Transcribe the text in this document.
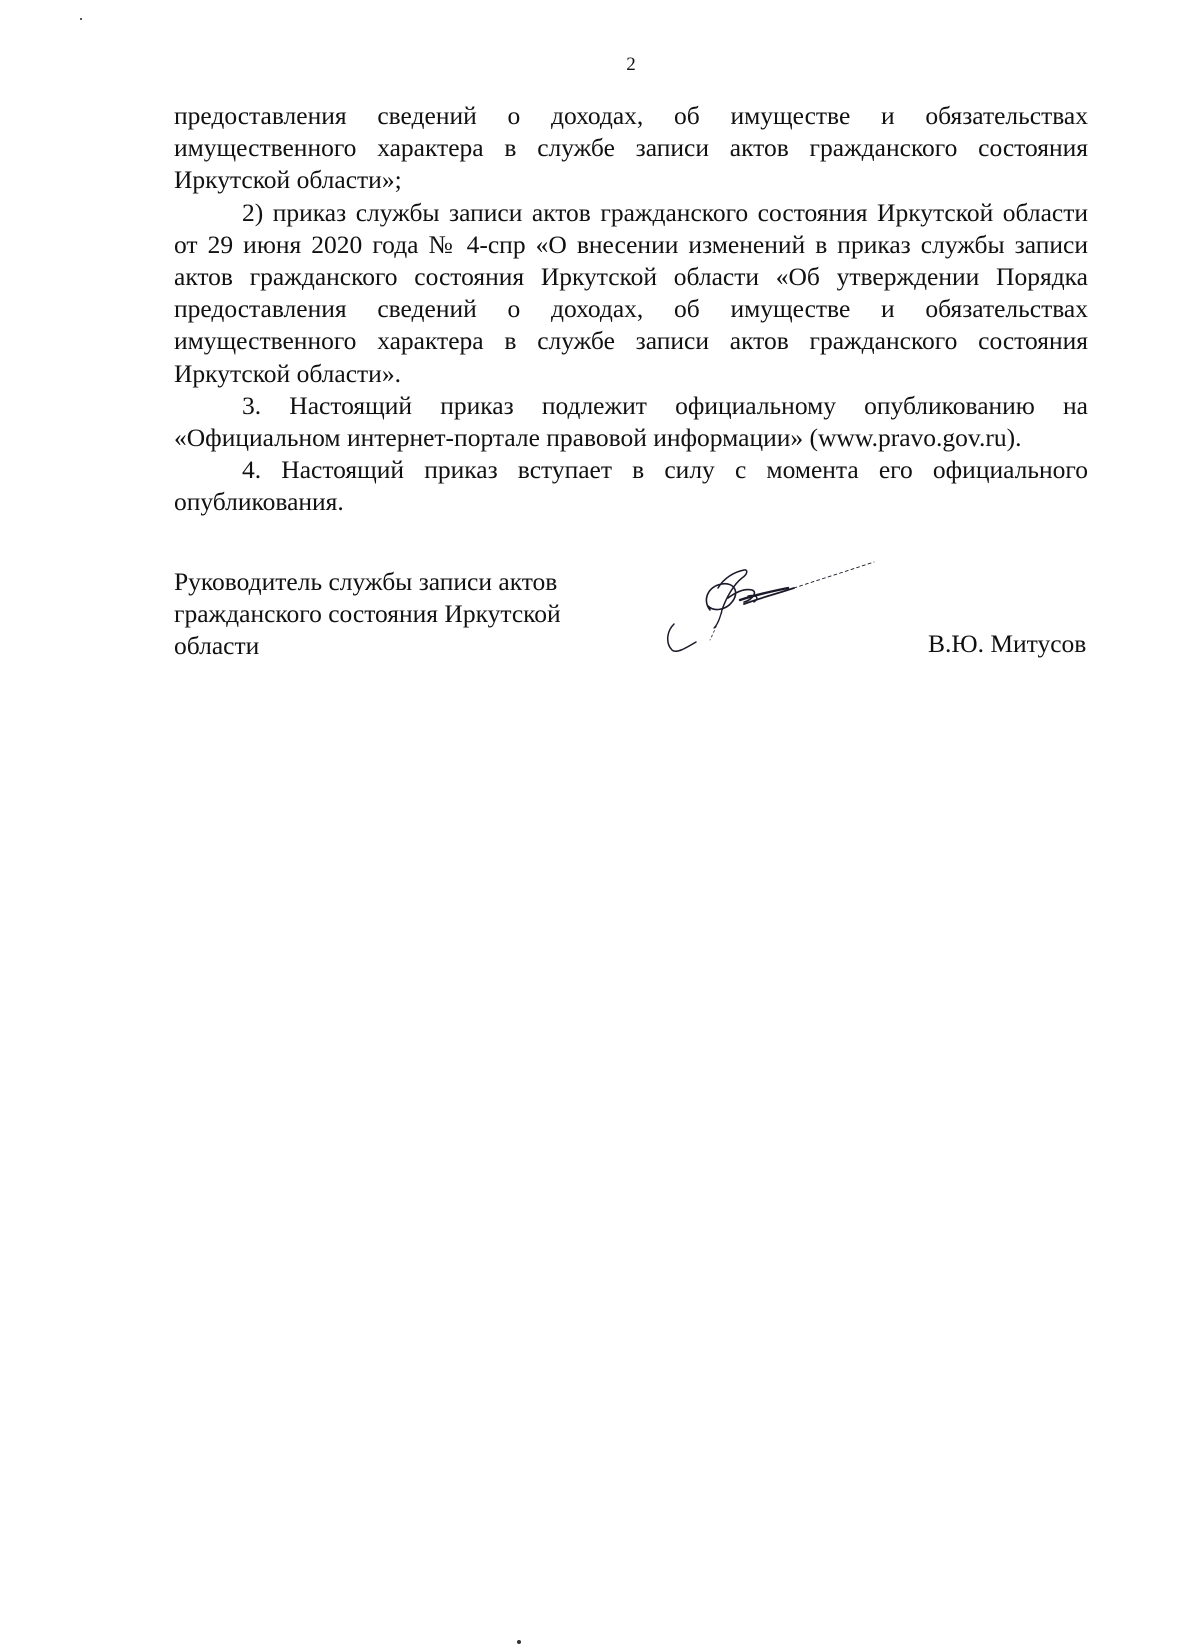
2

предоставления сведений о доходах, об имуществе и обязательствах имущественного характера в службе записи актов гражданского состояния Иркутской области»;

2) приказ службы записи актов гражданского состояния Иркутской области от 29 июня 2020 года № 4-спр «О внесении изменений в приказ службы записи актов гражданского состояния Иркутской области «Об утверждении Порядка предоставления сведений о доходах, об имуществе и обязательствах имущественного характера в службе записи актов гражданского состояния Иркутской области».

3. Настоящий приказ подлежит официальному опубликованию на «Официальном интернет-портале правовой информации» (www.pravo.gov.ru).

4. Настоящий приказ вступает в силу с момента его официального опубликования.

Руководитель службы записи актов
гражданского состояния Иркутской
области	В.Ю. Митусов
